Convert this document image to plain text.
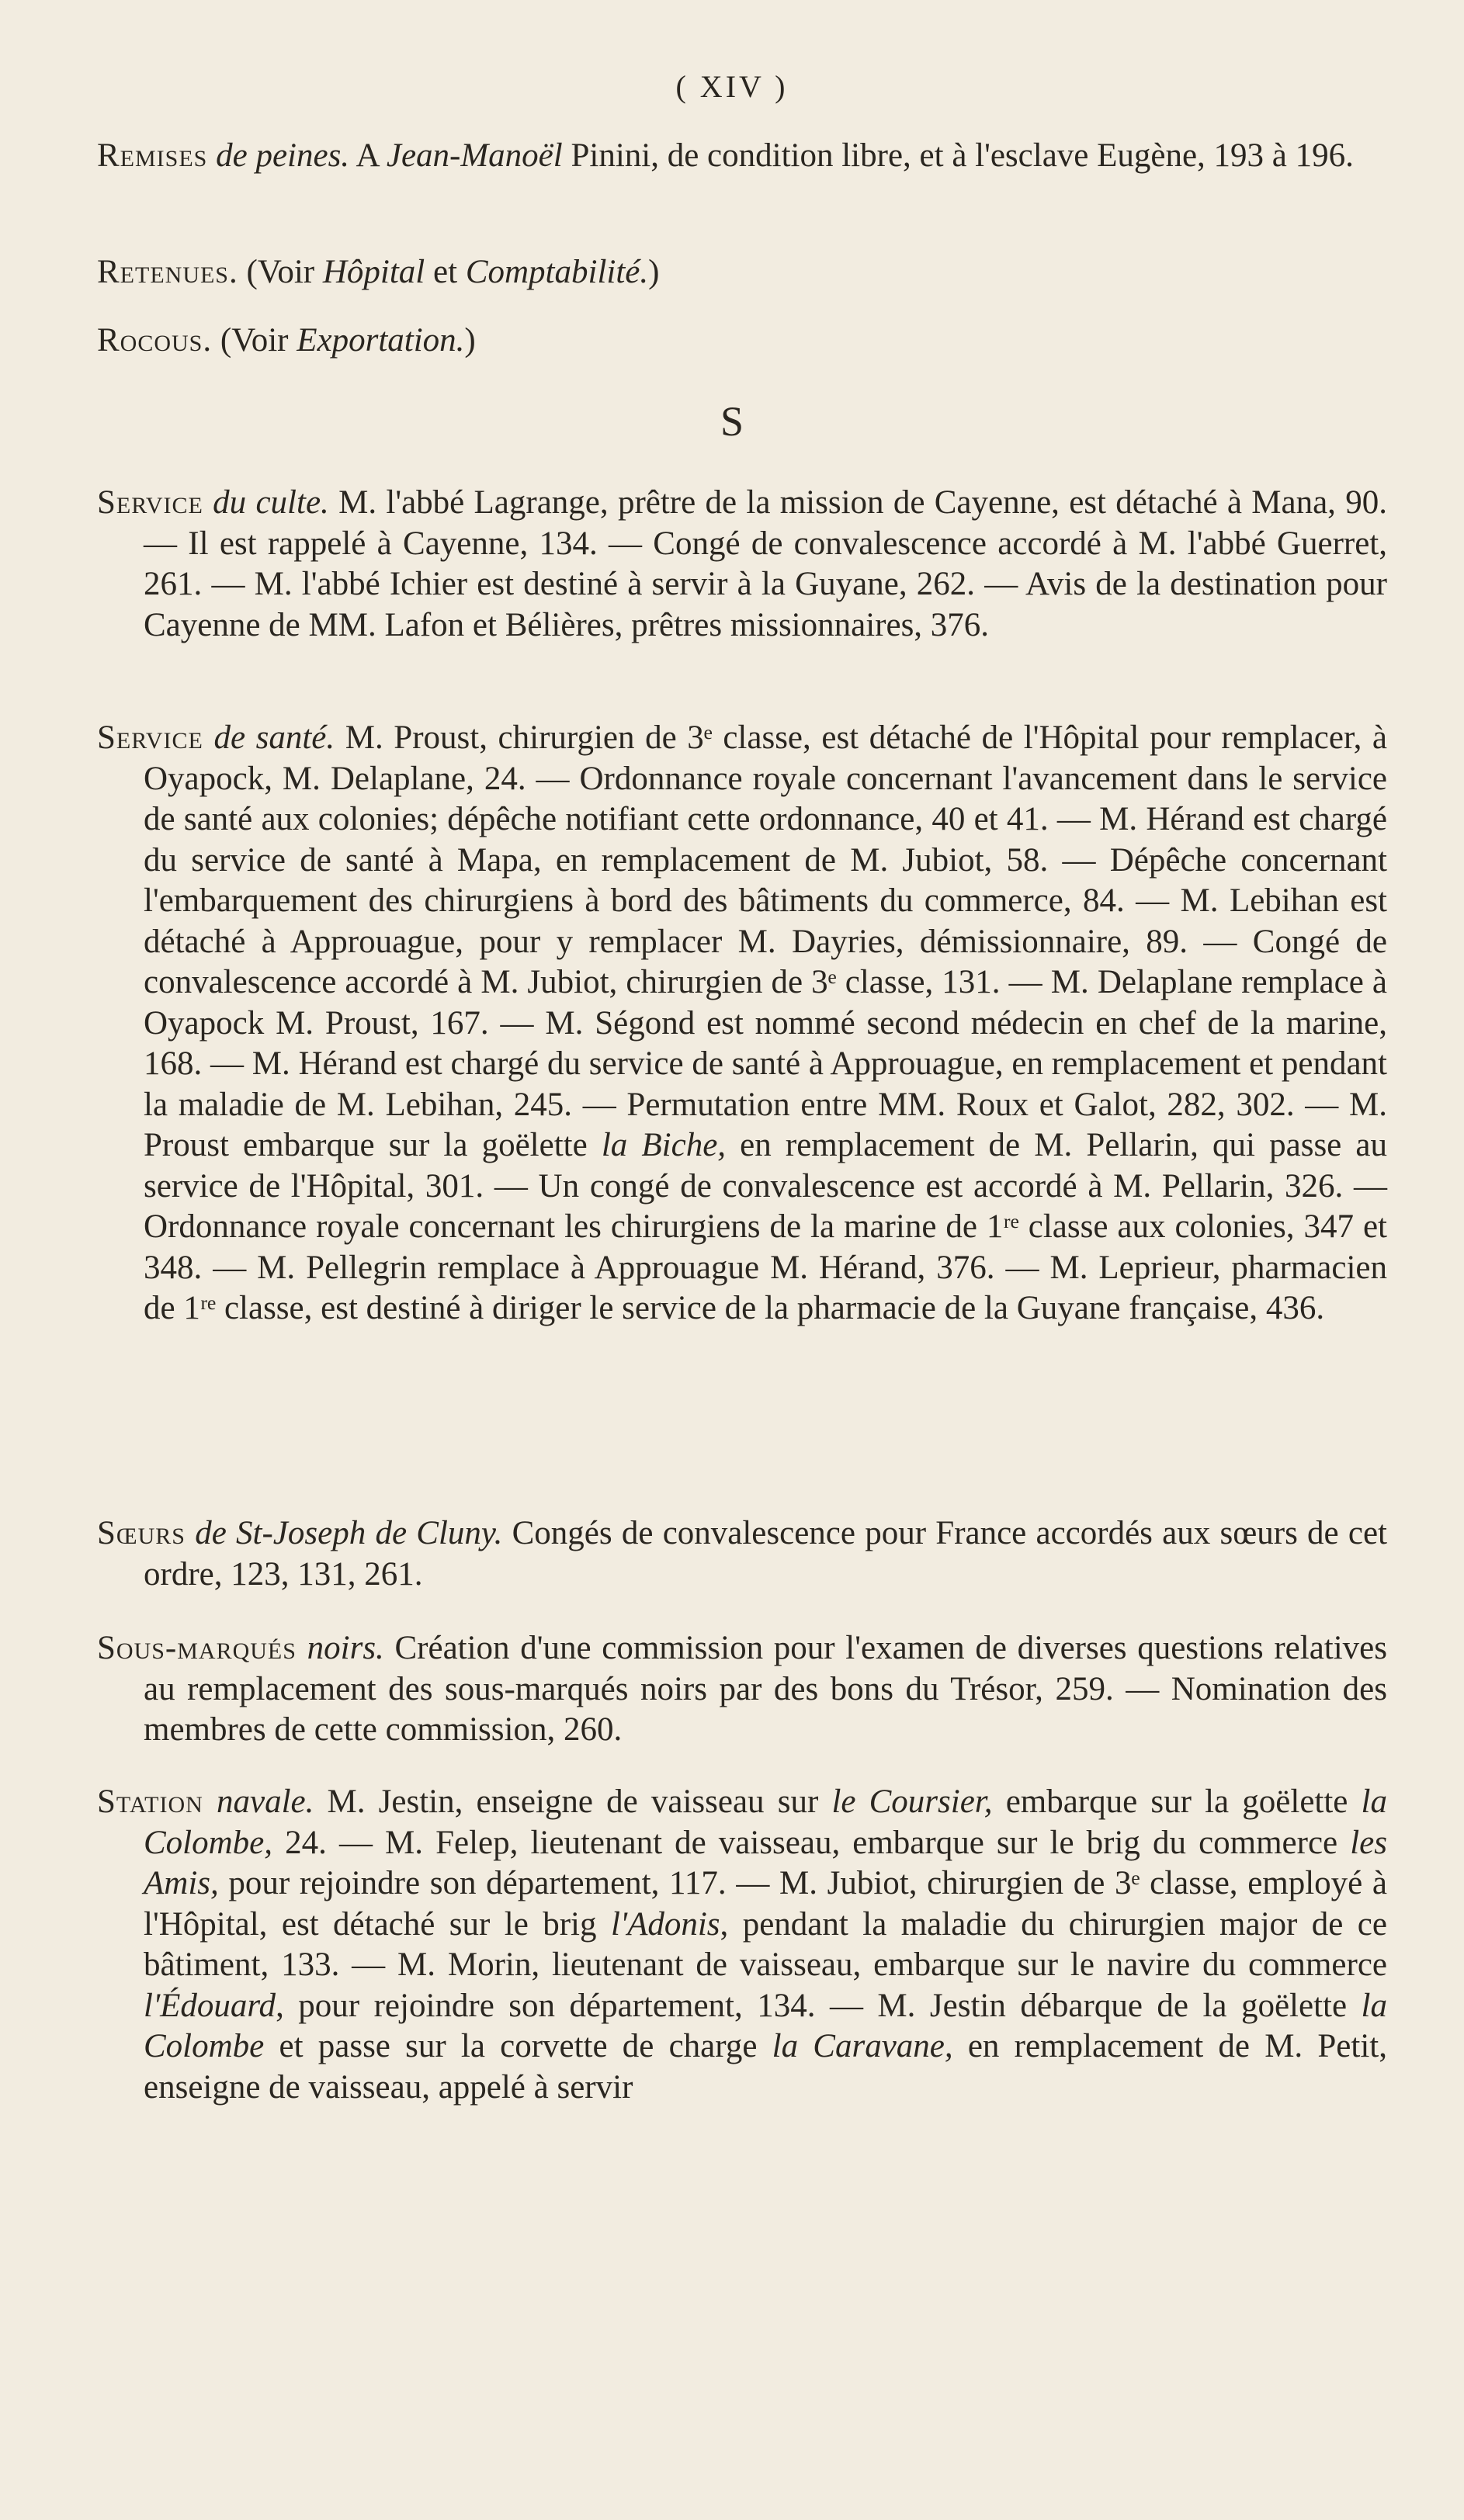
( XIV )
Remises de peines. A Jean-Manoël Pinini, de condition libre, et à l'esclave Eugène, 193 à 196.
Retenues. (Voir Hôpital et Comptabilité.)
Rocous. (Voir Exportation.)
S
Service du culte. M. l'abbé Lagrange, prêtre de la mission de Cayenne, est détaché à Mana, 90. — Il est rappelé à Cayenne, 134. — Congé de convalescence accordé à M. l'abbé Guerret, 261. — M. l'abbé Ichier est destiné à servir à la Guyane, 262. — Avis de la destination pour Cayenne de MM. Lafon et Bélières, prêtres missionnaires, 376.
Service de santé. M. Proust, chirurgien de 3ᵉ classe, est détaché de l'Hôpital pour remplacer, à Oyapock, M. Delaplane, 24. — Ordonnance royale concernant l'avancement dans le service de santé aux colonies; dépêche notifiant cette ordonnance, 40 et 41. — M. Hérand est chargé du service de santé à Mapa, en remplacement de M. Jubiot, 58. — Dépêche concernant l'embarquement des chirurgiens à bord des bâtiments du commerce, 84. — M. Lebihan est détaché à Approuague, pour y remplacer M. Dayries, démissionnaire, 89. — Congé de convalescence accordé à M. Jubiot, chirurgien de 3ᵉ classe, 131. — M. Delaplane remplace à Oyapock M. Proust, 167. — M. Ségond est nommé second médecin en chef de la marine, 168. — M. Hérand est chargé du service de santé à Approuague, en remplacement et pendant la maladie de M. Lebihan, 245. — Permutation entre MM. Roux et Galot, 282, 302. — M. Proust embarque sur la goëlette la Biche, en remplacement de M. Pellarin, qui passe au service de l'Hôpital, 301. — Un congé de convalescence est accordé à M. Pellarin, 326. — Ordonnance royale concernant les chirurgiens de la marine de 1ʳᵉ classe aux colonies, 347 et 348. — M. Pellegrin remplace à Approuague M. Hérand, 376. — M. Leprieur, pharmacien de 1ʳᵉ classe, est destiné à diriger le service de la pharmacie de la Guyane française, 436.
Sœurs de St-Joseph de Cluny. Congés de convalescence pour France accordés aux sœurs de cet ordre, 123, 131, 261.
Sous-marqués noirs. Création d'une commission pour l'examen de diverses questions relatives au remplacement des sous-marqués noirs par des bons du Trésor, 259. — Nomination des membres de cette commission, 260.
Station navale. M. Jestin, enseigne de vaisseau sur le Coursier, embarque sur la goëlette la Colombe, 24. — M. Felep, lieutenant de vaisseau, embarque sur le brig du commerce les Amis, pour rejoindre son département, 117. — M. Jubiot, chirurgien de 3ᵉ classe, employé à l'Hôpital, est détaché sur le brig l'Adonis, pendant la maladie du chirurgien major de ce bâtiment, 133. — M. Morin, lieutenant de vaisseau, embarque sur le navire du commerce l'Édouard, pour rejoindre son département, 134. — M. Jestin débarque de la goëlette la Colombe et passe sur la corvette de charge la Caravane, en remplacement de M. Petit, enseigne de vaisseau, appelé à servir
